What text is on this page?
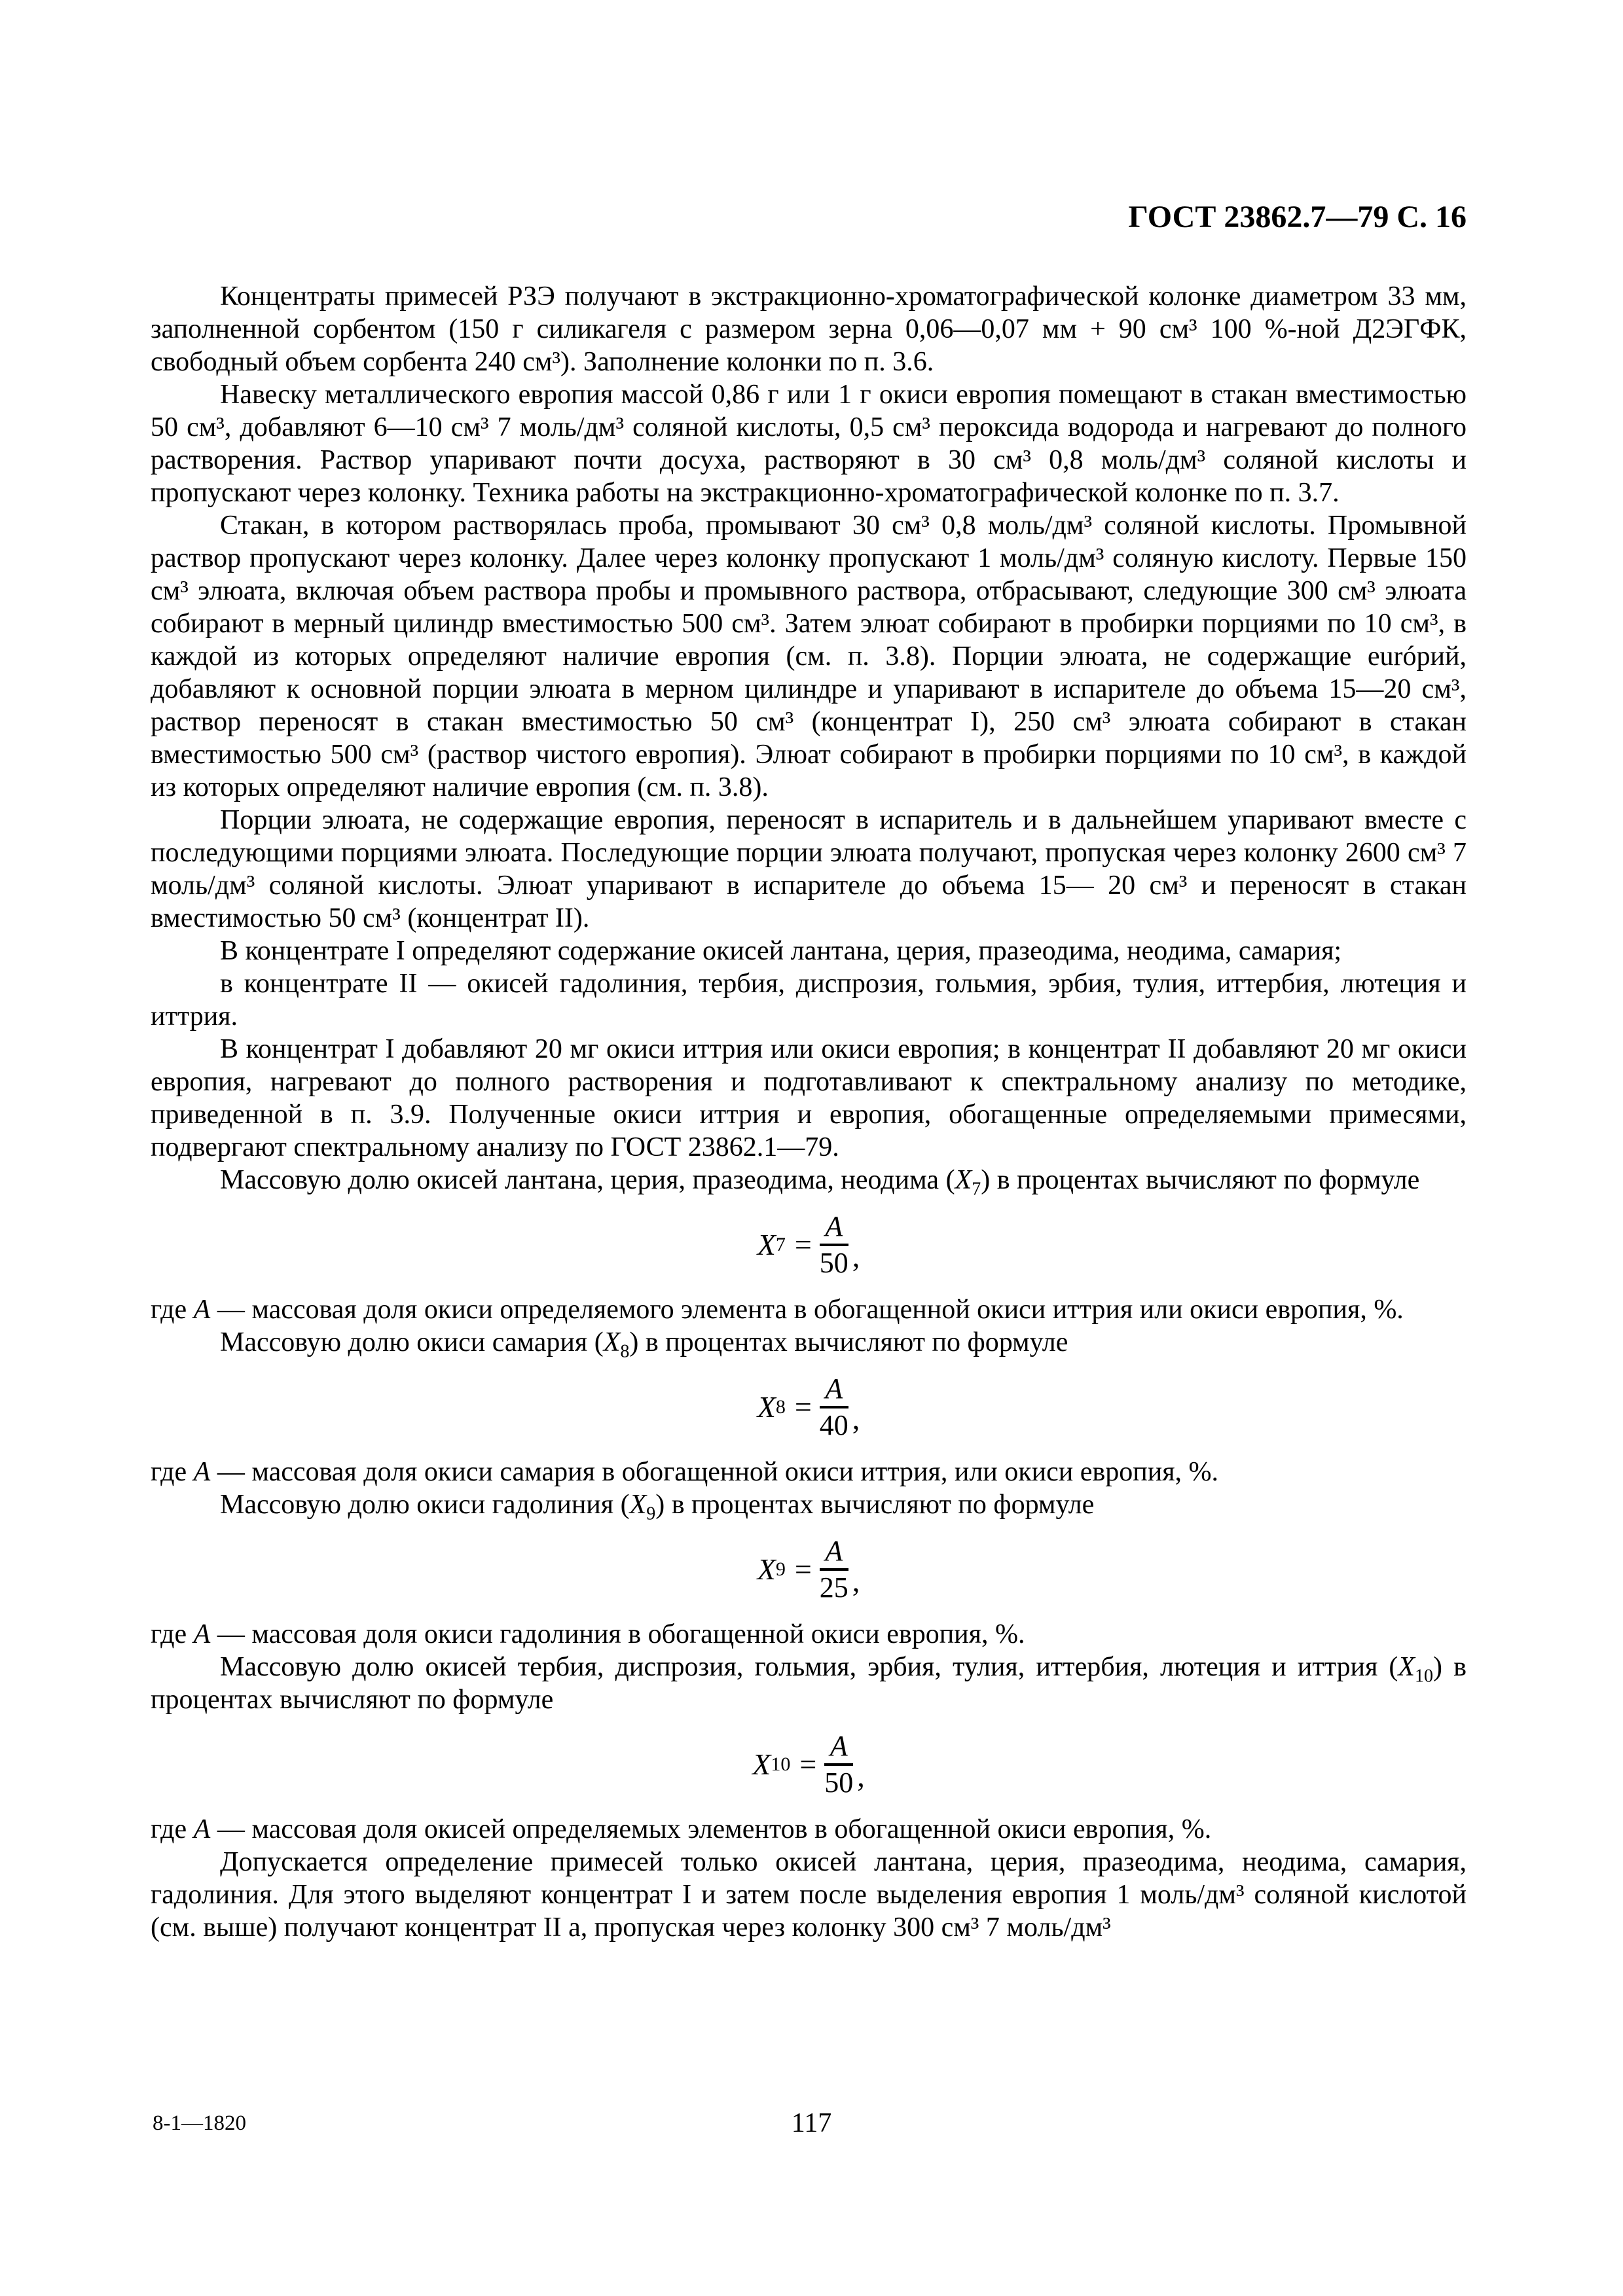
ГОСТ 23862.7—79 С. 16

Концентраты примесей РЗЭ получают в экстракционно-хроматографической колонке диаметром 33 мм, заполненной сорбентом (150 г силикагеля с размером зерна 0,06—0,07 мм + 90 см³ 100 %-ной Д2ЭГФК, свободный объем сорбента 240 см³). Заполнение колонки по п. 3.6.

Навеску металлического европия массой 0,86 г или 1 г окиси европия помещают в стакан вместимостью 50 см³, добавляют 6—10 см³ 7 моль/дм³ соляной кислоты, 0,5 см³ пероксида водорода и нагревают до полного растворения. Раствор упаривают почти досуха, растворяют в 30 см³ 0,8 моль/дм³ соляной кислоты и пропускают через колонку. Техника работы на экстракционно-хроматографической колонке по п. 3.7.

Стакан, в котором растворялась проба, промывают 30 см³ 0,8 моль/дм³ соляной кислоты. Промывной раствор пропускают через колонку. Далее через колонку пропускают 1 моль/дм³ соляную кислоту. Первые 150 см³ элюата, включая объем раствора пробы и промывного раствора, отбрасывают, следующие 300 см³ элюата собирают в мерный цилиндр вместимостью 500 см³. Затем элюат собирают в пробирки порциями по 10 см³, в каждой из которых определяют наличие европия (см. п. 3.8). Порции элюата, не содержащие európий, добавляют к основной порции элюата в мерном цилиндре и упаривают в испарителе до объема 15—20 см³, раствор переносят в стакан вместимостью 50 см³ (концентрат I), 250 см³ элюата собирают в стакан вместимостью 500 см³ (раствор чистого европия). Элюат собирают в пробирки порциями по 10 см³, в каждой из которых определяют наличие европия (см. п. 3.8).

Порции элюата, не содержащие европия, переносят в испаритель и в дальнейшем упаривают вместе с последующими порциями элюата. Последующие порции элюата получают, пропуская через колонку 2600 см³ 7 моль/дм³ соляной кислоты. Элюат упаривают в испарителе до объема 15— 20 см³ и переносят в стакан вместимостью 50 см³ (концентрат II).

В концентрате I определяют содержание окисей лантана, церия, празеодима, неодима, самария;

в концентрате II — окисей гадолиния, тербия, диспрозия, гольмия, эрбия, тулия, иттербия, лютеция и иттрия.

В концентрат I добавляют 20 мг окиси иттрия или окиси европия; в концентрат II добавляют 20 мг окиси европия, нагревают до полного растворения и подготавливают к спектральному анализу по методике, приведенной в п. 3.9. Полученные окиси иттрия и европия, обогащенные определяемыми примесями, подвергают спектральному анализу по ГОСТ 23862.1—79.

Массовую долю окисей лантана, церия, празеодима, неодима $(X_7)$ в процентах вычисляют по формуле

X $7 = \frac{A}{50}$ ,

где A — массовая доля окиси определяемого элемента в обогащенной окиси иттрия или окиси европия, %.

Массовую долю окиси самария $(X_8)$ в процентах вычисляют по формуле

X $8 = \frac{A}{40}$ ,

где A — массовая доля окиси самария в обогащенной окиси иттрия, или окиси европия, %.

Массовую долю окиси гадолиния $(X_9)$ в процентах вычисляют по формуле

X $9 = \frac{A}{25}$ ,

где A — массовая доля окиси гадолиния в обогащенной окиси европия, %.

Массовую долю окисей тербия, диспрозия, гольмия, эрбия, тулия, иттербия, лютеция и иттрия $(X_{10})$ в процентах вычисляют по формуле

X $10 = \frac{A}{50}$ ,

где A — массовая доля окисей определяемых элементов в обогащенной окиси европия, %.

Допускается определение примесей только окисей лантана, церия, празеодима, неодима, самария, гадолиния. Для этого выделяют концентрат I и затем после выделения европия 1 моль/дм³ соляной кислотой (см. выше) получают концентрат II а, пропуская через колонку 300 см³ 7 моль/дм³

8-1—1820	117
